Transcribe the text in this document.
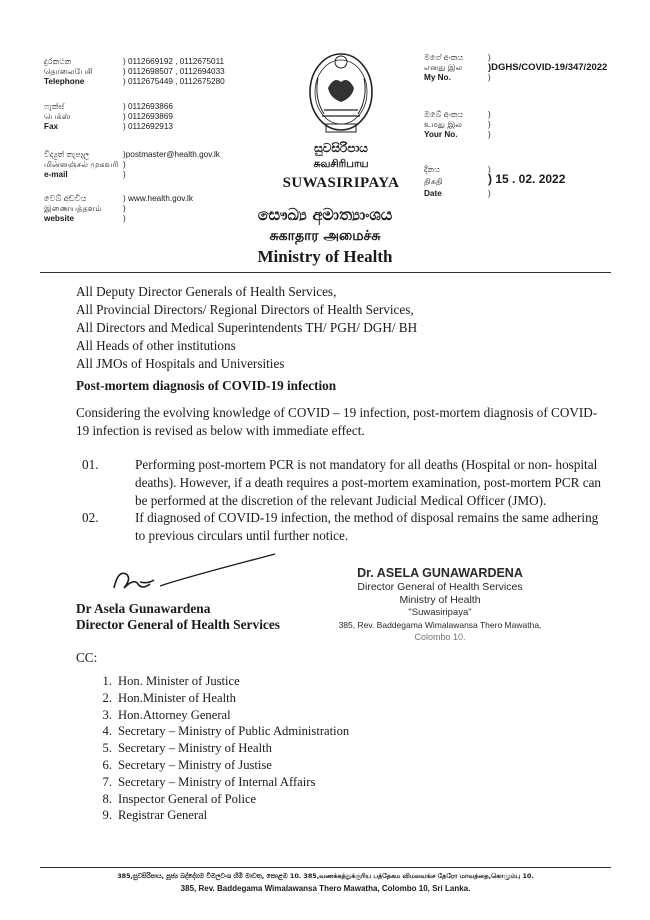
දුරකථන
தொலைபேசி
Telephone
) 0112669192 , 0112675011
) 0112698507 , 0112694033
) 0112675449 , 0112675280
ෆැක්ස්
பெக்ஸ்
Fax
) 0112693866
) 0112693869
) 0112692913
විද්‍යුත් තැපෑල
மின்னஞ்சல் முகவரி
e-mail
)postmaster@health.gov.lk
)
)
වෙබ් අඩවිය
இணையத்தளம்
website
) www.health.gov.lk
)
)
සුවසිරිපාය
சுவசிரிபாய
SUWASIRIPAYA
මගේ අංකය
எனது இல
My No.
)
)DGHS/COVID-19/347/2022
)
ඔබේ අංකය
உமது இல
Your No.
)
)
)
දිනය
திகதி
Date
)
) 15 . 02. 2022
)
සෞඛ්‍ය අමාත්‍යාංශය
சுகாதார அமைச்சு
Ministry of Health
All Deputy Director Generals of Health Services,
All Provincial Directors/ Regional Directors of Health Services,
All Directors and Medical Superintendents TH/ PGH/ DGH/ BH
All Heads of other institutions
All JMOs of Hospitals and Universities
Post-mortem diagnosis of COVID-19 infection
Considering the evolving knowledge of COVID – 19 infection, post-mortem diagnosis of COVID-
19 infection is revised as below with immediate effect.
01.	Performing post-mortem PCR is not mandatory for all deaths (Hospital or non- hospital
deaths). However, if a death requires a post-mortem examination, post-mortem PCR can
be performed at the discretion of the relevant Judicial Medical Officer (JMO).
02.	If diagnosed of COVID-19 infection, the method of disposal remains the same adhering
to previous circulars until further notice.
Dr Asela Gunawardena
Director General of Health Services
Dr. ASELA GUNAWARDENA
Director General of Health Services
Ministry of Health
"Suwasiripaya"
385, Rev. Baddegama Wimalawansa Thero Mawatha,
Colombo 10.
CC:
1. Hon. Minister of Justice
2. Hon.Minister of Health
3. Hon.Attorney General
4. Secretary – Ministry of Public Administration
5. Secretary – Ministry of Health
6. Secretary – Ministry of Justise
7. Secretary – Ministry of Internal Affairs
8. Inspector General of Police
9. Registrar General
385,සුවසිරිපාය, පූජ්‍ය බද්දේගම විමලවංශ හිමි මාවත, කොළඹ 10. 385,வணக்கத்துக்குரிய பத்தேகம விமலவங்ச தேரோ மாவத்தை,கொழும்பு 10.
385, Rev. Baddegama Wimalawansa Thero Mawatha, Colombo 10, Sri Lanka.
